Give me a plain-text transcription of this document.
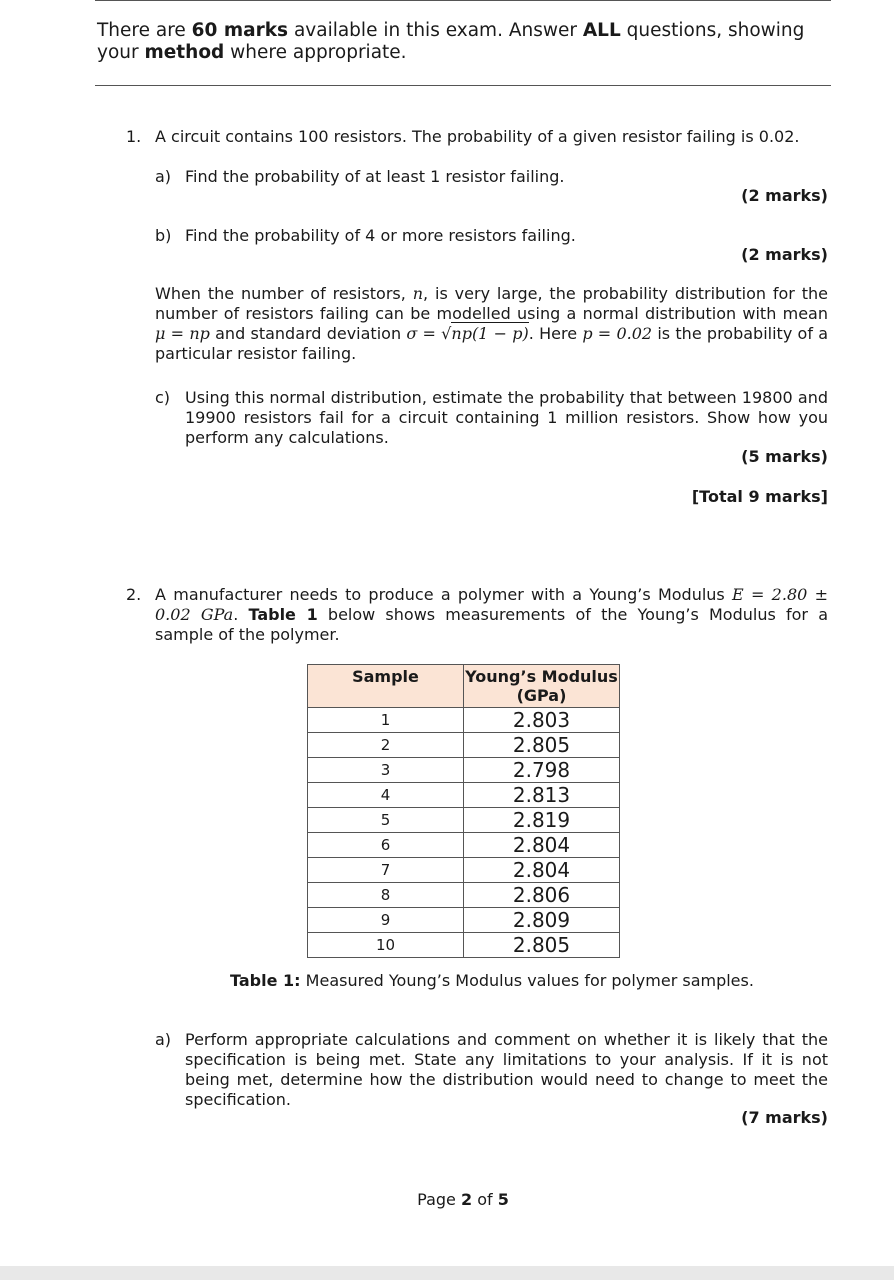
There are 60 marks available in this exam. Answer ALL questions, showing your method where appropriate.
1. A circuit contains 100 resistors. The probability of a given resistor failing is 0.02.
a) Find the probability of at least 1 resistor failing.
(2 marks)
b) Find the probability of 4 or more resistors failing.
(2 marks)
When the number of resistors, n, is very large, the probability distribution for the number of resistors failing can be modelled using a normal distribution with mean μ = np and standard deviation σ = √np(1 − p). Here p = 0.02 is the probability of a particular resistor failing.
c) Using this normal distribution, estimate the probability that between 19800 and 19900 resistors fail for a circuit containing 1 million resistors. Show how you perform any calculations.
(5 marks)
[Total 9 marks]
2. A manufacturer needs to produce a polymer with a Young’s Modulus E = 2.80 ± 0.02 GPa. Table 1 below shows measurements of the Young’s Modulus for a sample of the polymer.
Sample	Young’s Modulus (GPa)
1	2.803
2	2.805
3	2.798
4	2.813
5	2.819
6	2.804
7	2.804
8	2.806
9	2.809
10	2.805
Table 1: Measured Young’s Modulus values for polymer samples.
a) Perform appropriate calculations and comment on whether it is likely that the specification is being met. State any limitations to your analysis. If it is not being met, determine how the distribution would need to change to meet the specification.
(7 marks)
Page 2 of 5
